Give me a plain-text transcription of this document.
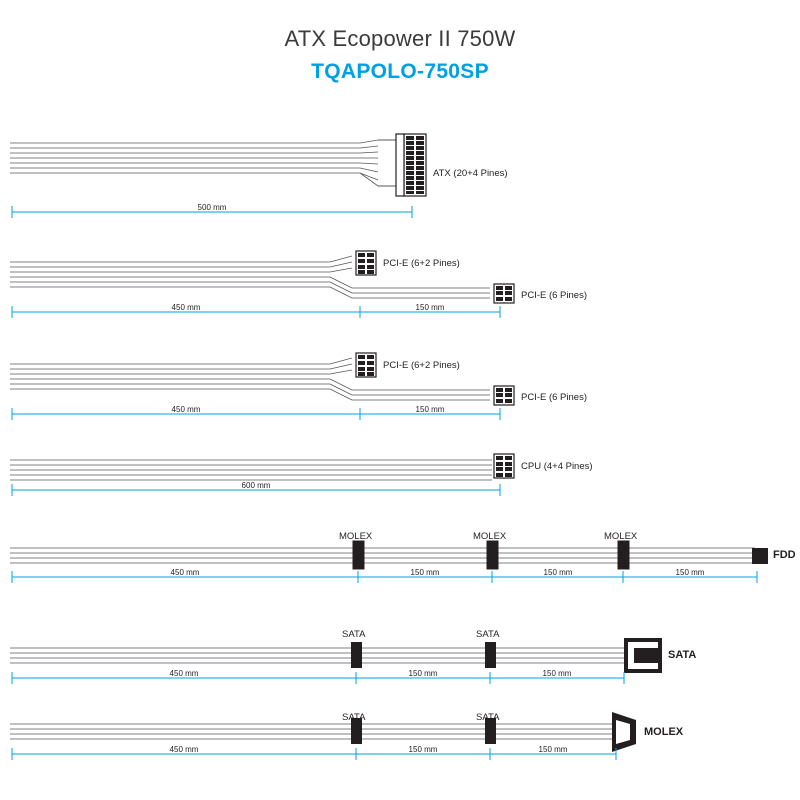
ATX Ecopower II 750W
TQAPOLO-750SP
ATX (20+4 Pines)
PCI-E (6+2 Pines)
PCI-E (6 Pines)
PCI-E (6+2 Pines)
PCI-E (6 Pines)
CPU (4+4 Pines)
MOLEX	MOLEX	MOLEX
FDD
SATA	SATA
SATA
SATA	SATA
MOLEX
500 mm
450 mm	150 mm
450 mm	150 mm
600 mm
450 mm	150 mm	150 mm	150 mm
450 mm	150 mm	150 mm
450 mm	150 mm	150 mm
